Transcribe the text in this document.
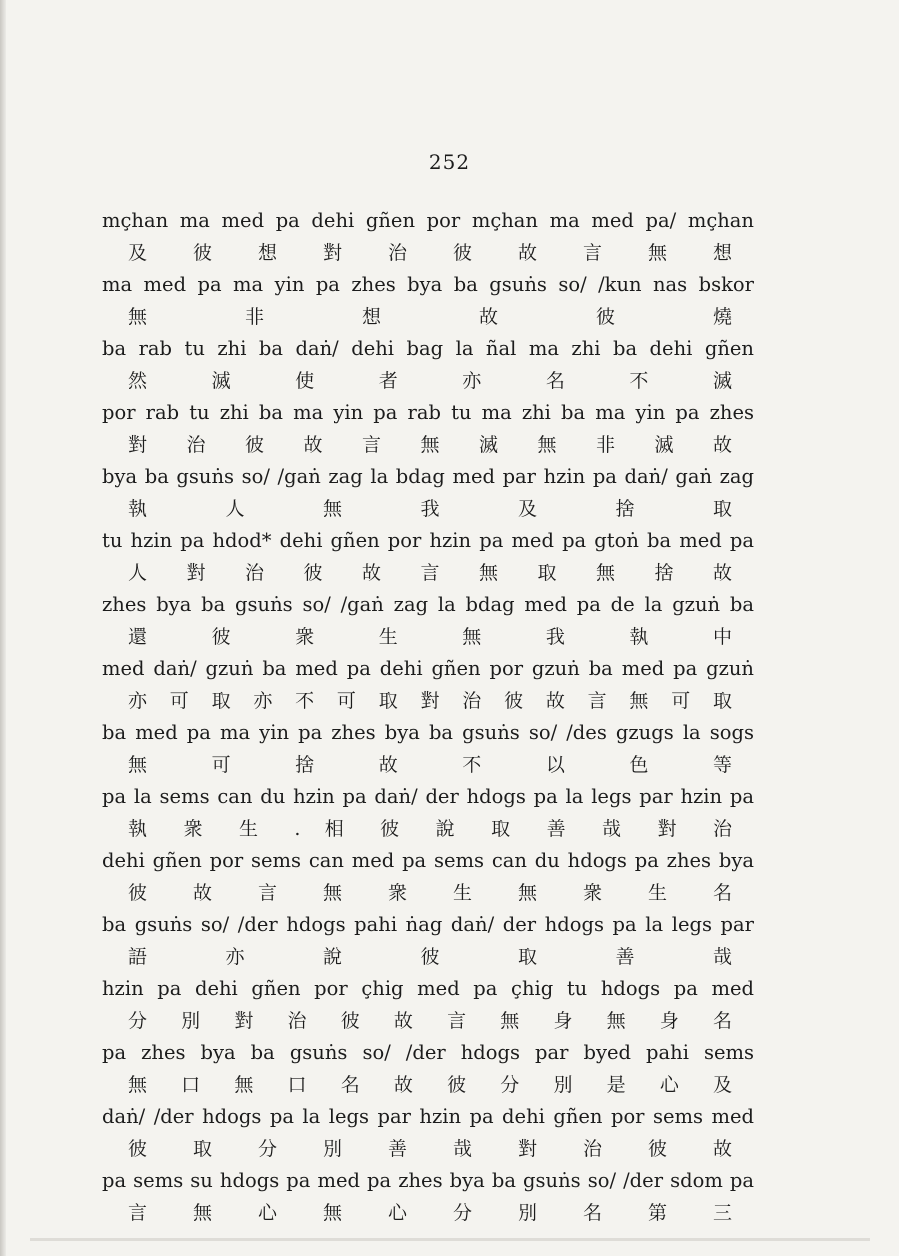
252
mçhan ma med pa dehi gñen por mçhan ma med pa/ mçhan
及 彼 想 對 治 彼 故 言 無 想
ma med pa ma yin pa zhes bya ba gsuṅs so/ /kun nas bskor
無 非 想 故 彼 燒
ba rab tu zhi ba daṅ/ dehi bag la ñal ma zhi ba dehi gñen
然 滅 使 者 亦 名 不 滅
por rab tu zhi ba ma yin pa rab tu ma zhi ba ma yin pa zhes
對 治 彼 故 言 無 滅 無 非 滅 故
bya ba gsuṅs so/ /gaṅ zag la bdag med par hzin pa daṅ/ gaṅ zag
執 人 無 我 及 捨 取
tu hzin pa hdod* dehi gñen por hzin pa med pa gtoṅ ba med pa
人 對 治 彼 故 言 無 取 無 捨 故
zhes bya ba gsuṅs so/ /gaṅ zag la bdag med pa de la gzuṅ ba
還 彼 衆 生 無 我 執 中
med daṅ/ gzuṅ ba med pa dehi gñen por gzuṅ ba med pa gzuṅ
亦 可 取 亦 不 可 取 對 治 彼 故 言 無 可 取
ba med pa ma yin pa zhes bya ba gsuṅs so/ /des gzugs la sogs
無 可 捨 故 不 以 色 等
pa la sems can du hzin pa daṅ/ der hdogs pa la legs par hzin pa
執 衆 生 . 相 彼 說 取 善 哉 對 治
dehi gñen por sems can med pa sems can du hdogs pa zhes bya
彼 故 言 無 衆 生 無 衆 生 名
ba gsuṅs so/ /der hdogs pahi ṅag daṅ/ der hdogs pa la legs par
語 亦 說 彼 取 善 哉
hzin pa dehi gñen por çhig med pa çhig tu hdogs pa med
分 別 對 治 彼 故 言 無 身 無 身 名
pa zhes bya ba gsuṅs so/ /der hdogs par byed pahi sems
無 口 無 口 名 故 彼 分 別 是 心 及
daṅ/ /der hdogs pa la legs par hzin pa dehi gñen por sems med
彼 取 分 別 善 哉 對 治 彼 故
pa sems su hdogs pa med pa zhes bya ba gsuṅs so/ /der sdom pa
言 無 心 無 心 分 別 名 第 三
